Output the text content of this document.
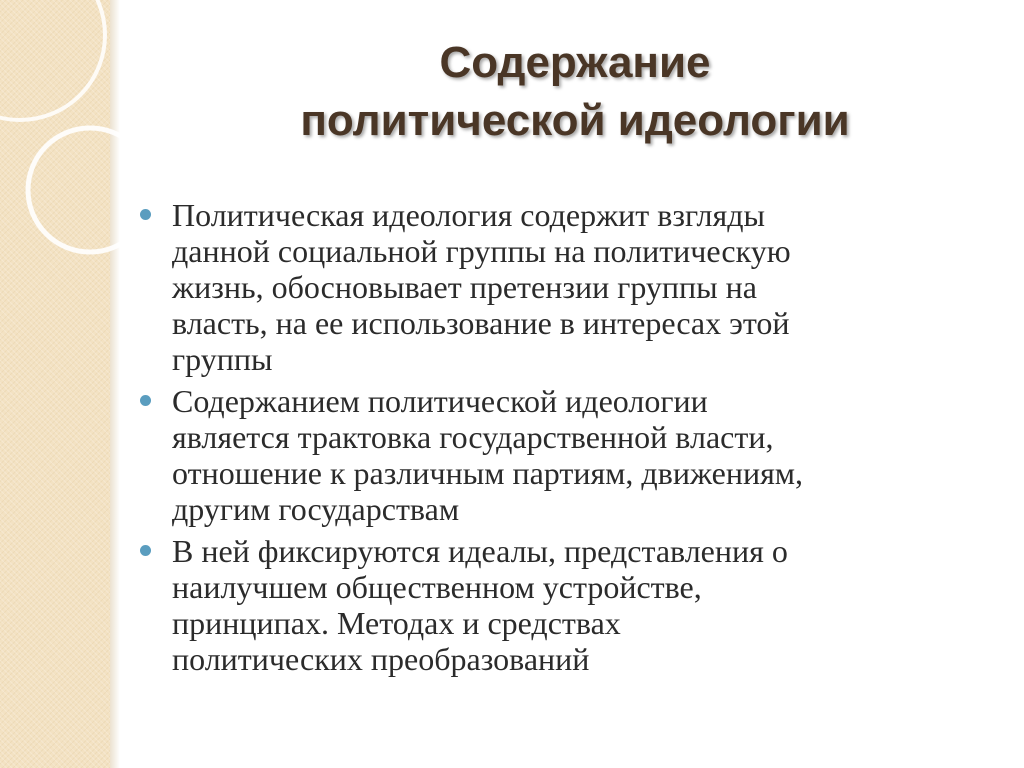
Содержание
политической идеологии
Политическая идеология содержит взгляды
данной социальной группы на политическую
жизнь, обосновывает претензии группы на
власть, на ее использование в интересах этой
группы
Содержанием политической идеологии
является трактовка государственной власти,
отношение к различным партиям, движениям,
другим государствам
В ней фиксируются идеалы, представления о
наилучшем общественном устройстве,
принципах. Методах и средствах
политических преобразований
